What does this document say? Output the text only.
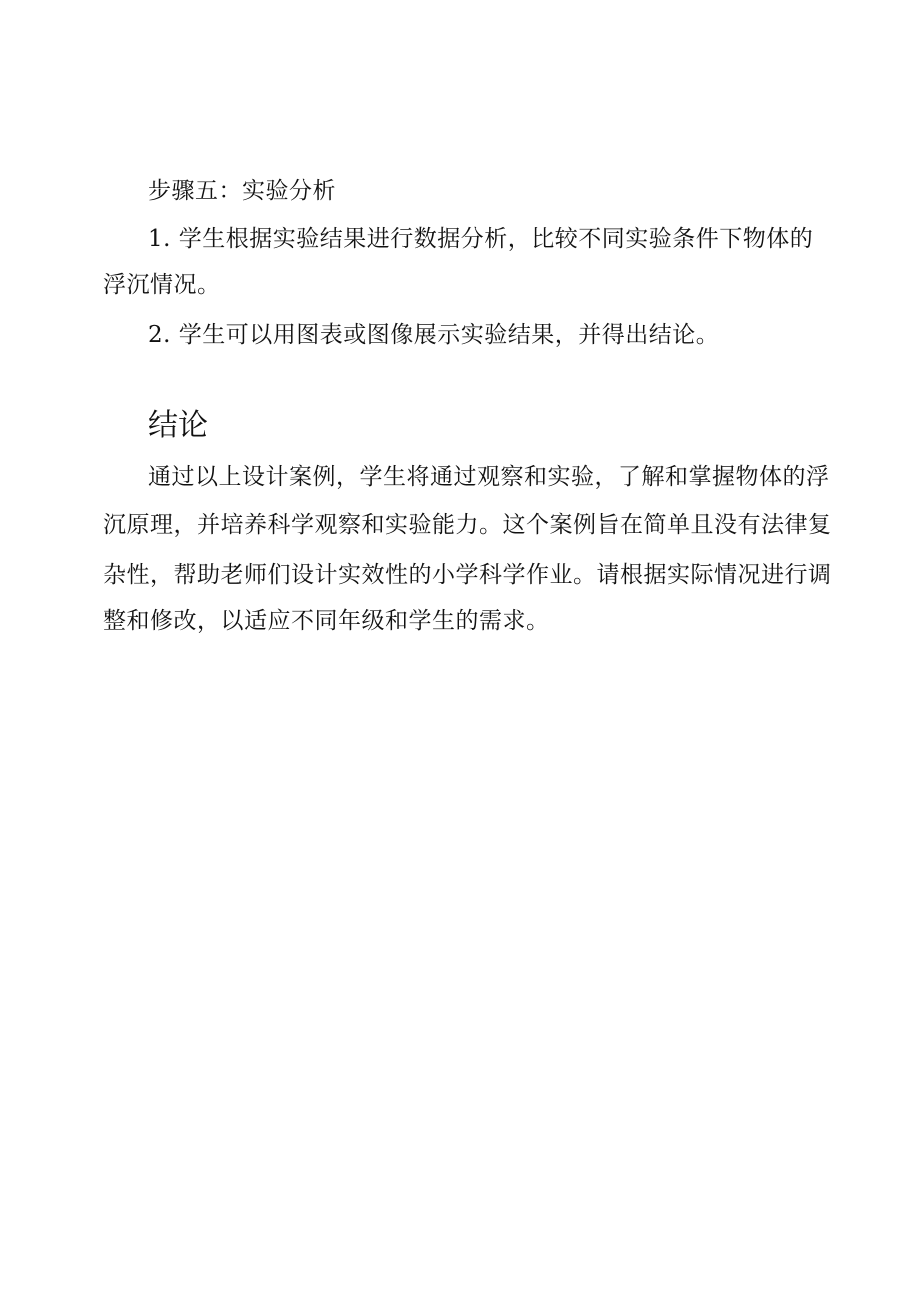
步骤五：实验分析
1. 学生根据实验结果进行数据分析，比较不同实验条件下物体的
浮沉情况。
2. 学生可以用图表或图像展示实验结果，并得出结论。
结论
通过以上设计案例，学生将通过观察和实验，了解和掌握物体的浮
沉原理，并培养科学观察和实验能力。这个案例旨在简单且没有法律复
杂性，帮助老师们设计实效性的小学科学作业。请根据实际情况进行调
整和修改，以适应不同年级和学生的需求。
